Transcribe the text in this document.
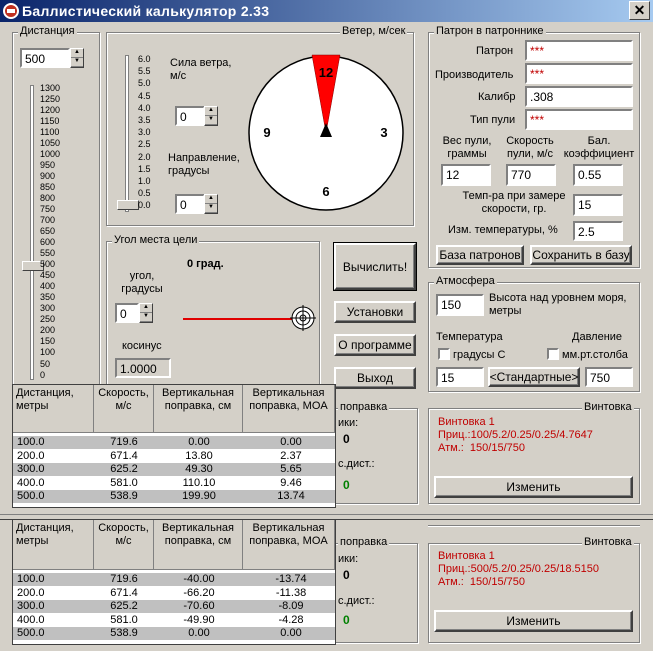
Баллистический калькулятор 2.33	✕
Дистанция
500	▲
▼
1300
1250
1200
1150
1100
1050
1000
950
900
850
800
750
700
650
600
550
500
450
400
350
300
250
200
150
100
50
0
Ветер, м/сек
6.0
5.5
5.0
4.5
4.0
3.5
3.0
2.5
2.0
1.5
1.0
0.5
0.0
Сила ветра,
м/с
0	▲
▼
Направление,
градусы
0	▲
▼
12
3
6
9
Патрон в патроннике
Патрон	***
Производитель	***
Калибр	.308
Тип пули	***
Вес пули,
граммы
Скорость
пули, м/с
Бал.
коэффициент
12	770	0.55
Темп-ра при замере
скорости, гр.	15
Изм. температуры, %	2.5
База патронов Сохранить в базу
Угол места цели
0 град.
угол,
градусы
0	▲
▼
косинус
1.0000
Вычислить!
Установки
О программе
Выход
Атмосфера
150	Высота над уровнем моря,
метры
Температура	Давление
градусы С	мм.рт.столба
15	<Стандартные> 750
поправка
ики:
0
с.дист.:
0
Винтовка
Винтовка 1
Приц.:100/5.2/0.25/0.25/4.7647
Атм.:  150/15/750
Изменить
поправка
ики:
0
с.дист.:
0
Винтовка
Винтовка 1
Приц.:500/5.2/0.25/0.25/18.5150
Атм.:  150/15/750
Изменить
Дистанция,
метры
Скорость,
м/с
Вертикальная
поправка, см
Вертикальная
поправка, MOA
100.0	719.6	0.00	0.00
200.0	671.4	13.80	2.37
300.0	625.2	49.30	5.65
400.0	581.0	110.10	9.46
500.0	538.9	199.90	13.74
Дистанция,
метры
Скорость,
м/с
Вертикальная
поправка, см
Вертикальная
поправка, MOA
100.0	719.6	-40.00	-13.74
200.0	671.4	-66.20	-11.38
300.0	625.2	-70.60	-8.09
400.0	581.0	-49.90	-4.28
500.0	538.9	0.00	0.00
